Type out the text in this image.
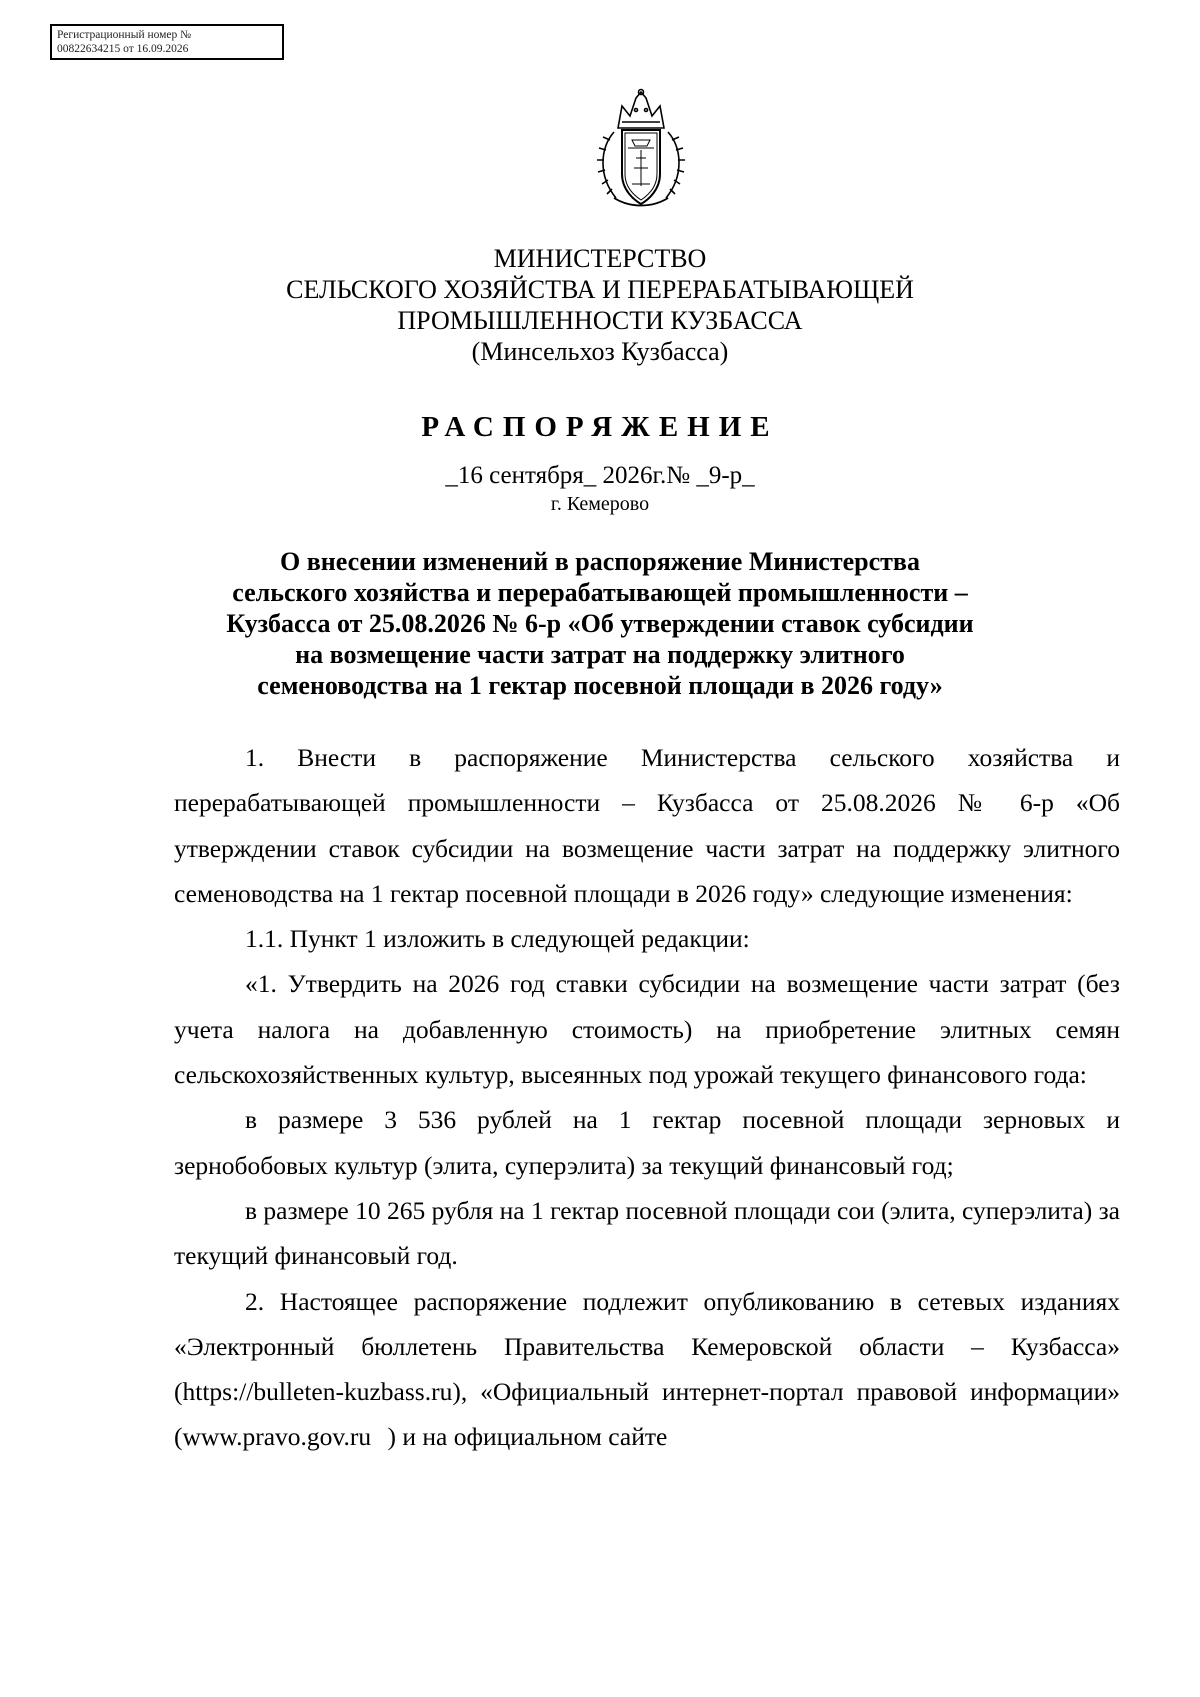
Регистрационный номер №
00822634215 от 16.09.2026
МИНИСТЕРСТВО
СЕЛЬСКОГО ХОЗЯЙСТВА И ПЕРЕРАБАТЫВАЮЩЕЙ
ПРОМЫШЛЕННОСТИ КУЗБАССА
(Минсельхоз Кузбасса)
РАСПОРЯЖЕНИЕ
_16 сентября_ 2026г.№ _9-р_
г. Кемерово
О внесении изменений в распоряжение Министерства
сельского хозяйства и перерабатывающей промышленности –
Кузбасса от 25.08.2026 № 6-р «Об утверждении ставок субсидии
на возмещение части затрат на поддержку элитного
семеноводства на 1 гектар посевной площади в 2026 году»

1. Внести в распоряжение Министерства сельского хозяйства и перерабатывающей промышленности – Кузбасса от 25.08.2026 № 6-р «Об утверждении ставок субсидии на возмещение части затрат на поддержку элитного семеноводства на 1 гектар посевной площади в 2026 году» следующие изменения:

1.1. Пункт 1 изложить в следующей редакции:

«1. Утвердить на 2026 год ставки субсидии на возмещение части затрат (без учета налога на добавленную стоимость) на приобретение элитных семян сельскохозяйственных культур, высеянных под урожай текущего финансового года:

в размере 3 536 рублей на 1 гектар посевной площади зерновых и зернобобовых культур (элита, суперэлита) за текущий финансовый год;

в размере 10 265 рубля на 1 гектар посевной площади сои (элита, суперэлита) за текущий финансовый год.

2. Настоящее распоряжение подлежит опубликованию в сетевых изданиях «Электронный бюллетень Правительства Кемеровской области – Кузбасса» (https://bulleten-kuzbass.ru), «Официальный интернет-портал правовой информации» (www.pravo.gov.ru ) и на официальном сайте
